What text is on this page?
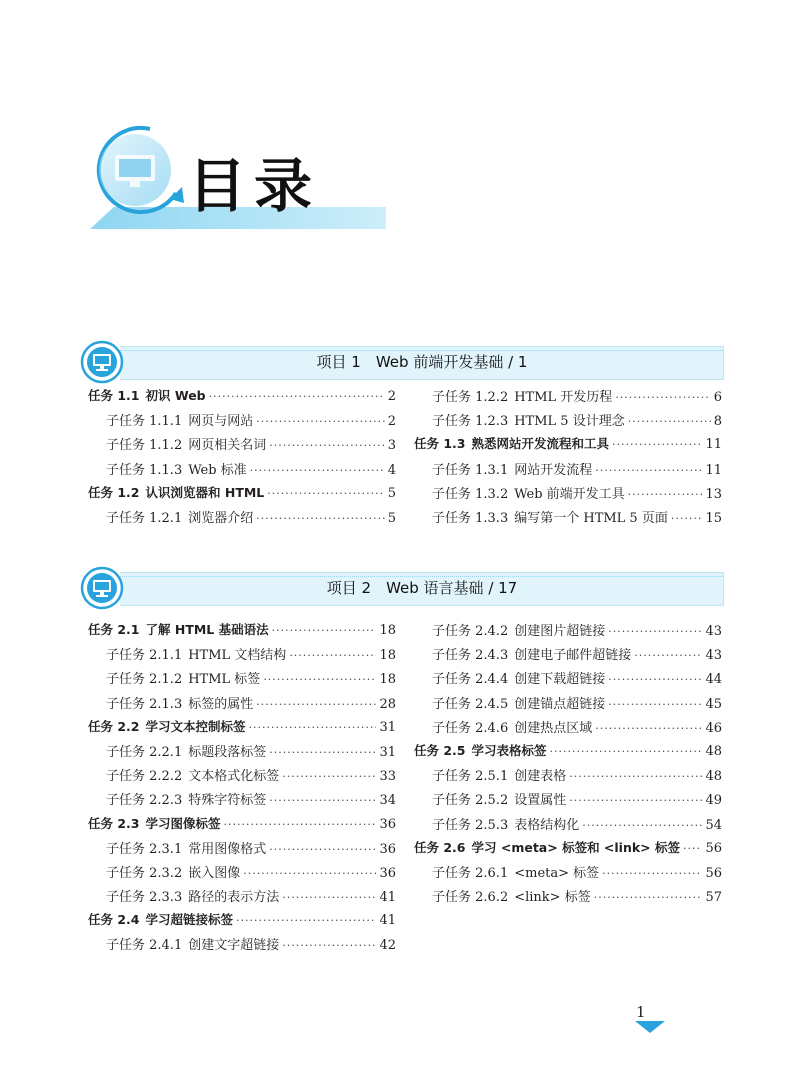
目录
项目 1　Web 前端开发基础 / 1
任务 1.1 初识 Web ·····	2
子任务 1.1.1 网页与网站 ·····	2
子任务 1.1.2 网页相关名词 ·····	3
子任务 1.1.3 Web 标准 ·····	4
任务 1.2 认识浏览器和 HTML ·····	5
子任务 1.2.1 浏览器介绍 ·····	5
子任务 1.2.2 HTML 开发历程 ·····	6
子任务 1.2.3 HTML 5 设计理念 ·····	8
任务 1.3 熟悉网站开发流程和工具 ·····	11
子任务 1.3.1 网站开发流程 ·····	11
子任务 1.3.2 Web 前端开发工具 ·····	13
子任务 1.3.3 编写第一个 HTML 5 页面 ·····	15
项目 2　Web 语言基础 / 17
任务 2.1 了解 HTML 基础语法 ·····	18
子任务 2.1.1 HTML 文档结构 ·····	18
子任务 2.1.2 HTML 标签 ·····	18
子任务 2.1.3 标签的属性 ·····	28
任务 2.2 学习文本控制标签 ·····	31
子任务 2.2.1 标题段落标签 ·····	31
子任务 2.2.2 文本格式化标签 ·····	33
子任务 2.2.3 特殊字符标签 ·····	34
任务 2.3 学习图像标签 ·····	36
子任务 2.3.1 常用图像格式 ·····	36
子任务 2.3.2 嵌入图像 ·····	36
子任务 2.3.3 路径的表示方法 ·····	41
任务 2.4 学习超链接标签 ·····	41
子任务 2.4.1 创建文字超链接 ·····	42
子任务 2.4.2 创建图片超链接 ·····	43
子任务 2.4.3 创建电子邮件超链接 ·····	43
子任务 2.4.4 创建下载超链接 ·····	44
子任务 2.4.5 创建锚点超链接 ·····	45
子任务 2.4.6 创建热点区域 ·····	46
任务 2.5 学习表格标签 ·····	48
子任务 2.5.1 创建表格 ·····	48
子任务 2.5.2 设置属性 ·····	49
子任务 2.5.3 表格结构化 ·····	54
任务 2.6 学习 <meta> 标签和 <link> 标签 ····· 56
子任务 2.6.1 <meta> 标签 ·····	56
子任务 2.6.2 <link> 标签 ·····	57
1
